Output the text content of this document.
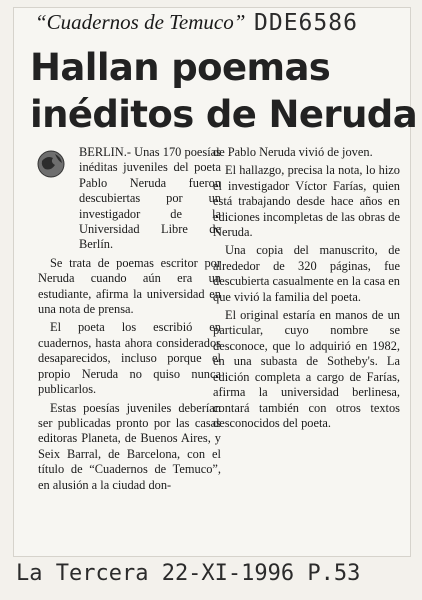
“Cuadernos de Temuco”
Hallan poemas
inéditos de Neruda

BERLIN.- Unas 170 poesías inéditas juveniles del poeta Pablo Neruda fueron descubiertas por un investigador de la Universidad Libre de Berlín.

Se trata de poemas escritor por Neruda cuando aún era un estudiante, afirma la universidad en una nota de prensa.

El poeta los escribió en cuadernos, hasta ahora considerados desaparecidos, incluso porque el propio Neruda no quiso nunca publicarlos.

Estas poesías juveniles deberían ser publicadas pronto por las casas editoras Planeta, de Buenos Aires, y Seix Barral, de Barcelona, con el título de “Cuadernos de Temuco”, en alusión a la ciudad don-

de Pablo Neruda vivió de joven.

El hallazgo, precisa la nota, lo hizo el investigador Víctor Farías, quien está trabajando desde hace años en ediciones incompletas de las obras de Neruda.

Una copia del manuscrito, de alrededor de 320 páginas, fue descubierta casualmente en la casa en que vivió la familia del poeta.

El original estaría en manos de un particular, cuyo nombre se desconoce, que lo adquirió en 1982, en una subasta de Sotheby's. La edición completa a cargo de Farías, afirma la universidad berlinesa, contará también con otros textos desconocidos del poeta.

DDE6586
La Tercera 22-XI-1996 P.53
